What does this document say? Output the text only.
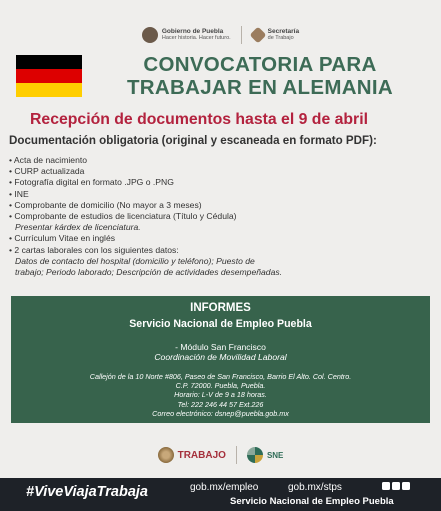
Gobierno de Puebla
Hacer historia. Hacer futuro.
Secretaría
de Trabajo
CONVOCATORIA PARA
TRABAJAR EN ALEMANIA
Recepción de documentos hasta el 9 de abril
Documentación obligatoria (original y escaneada en formato PDF):
• Acta de nacimiento
• CURP actualizada
• Fotografía digital en formato .JPG o .PNG
• INE
• Comprobante de domicilio (No mayor a 3 meses)
• Comprobante de estudios de licenciatura (Título y Cédula)
Presentar kárdex de licenciatura.
• Currículum Vitae en inglés
• 2 cartas laborales con los siguientes datos:
Datos de contacto del hospital (domicilio y teléfono); Puesto de
trabajo; Periodo laborado; Descripción de actividades desempeñadas.
INFORMES
Servicio Nacional de Empleo Puebla
- Módulo San Francisco
Coordinación de Movilidad Laboral
Callejón de la 10 Norte #806, Paseo de San Francisco, Barrio El Alto. Col. Centro.
C.P. 72000. Puebla, Puebla.
Horario: L-V de 9 a 18 horas.
Tel: 222 246 44 57 Ext.226
Correo electrónico: dsnep@puebla.gob.mx
TRABAJO	SNE
#ViveViajaTrabaja	gob.mx/empleo	gob.mx/stps
Servicio Nacional de Empleo Puebla
